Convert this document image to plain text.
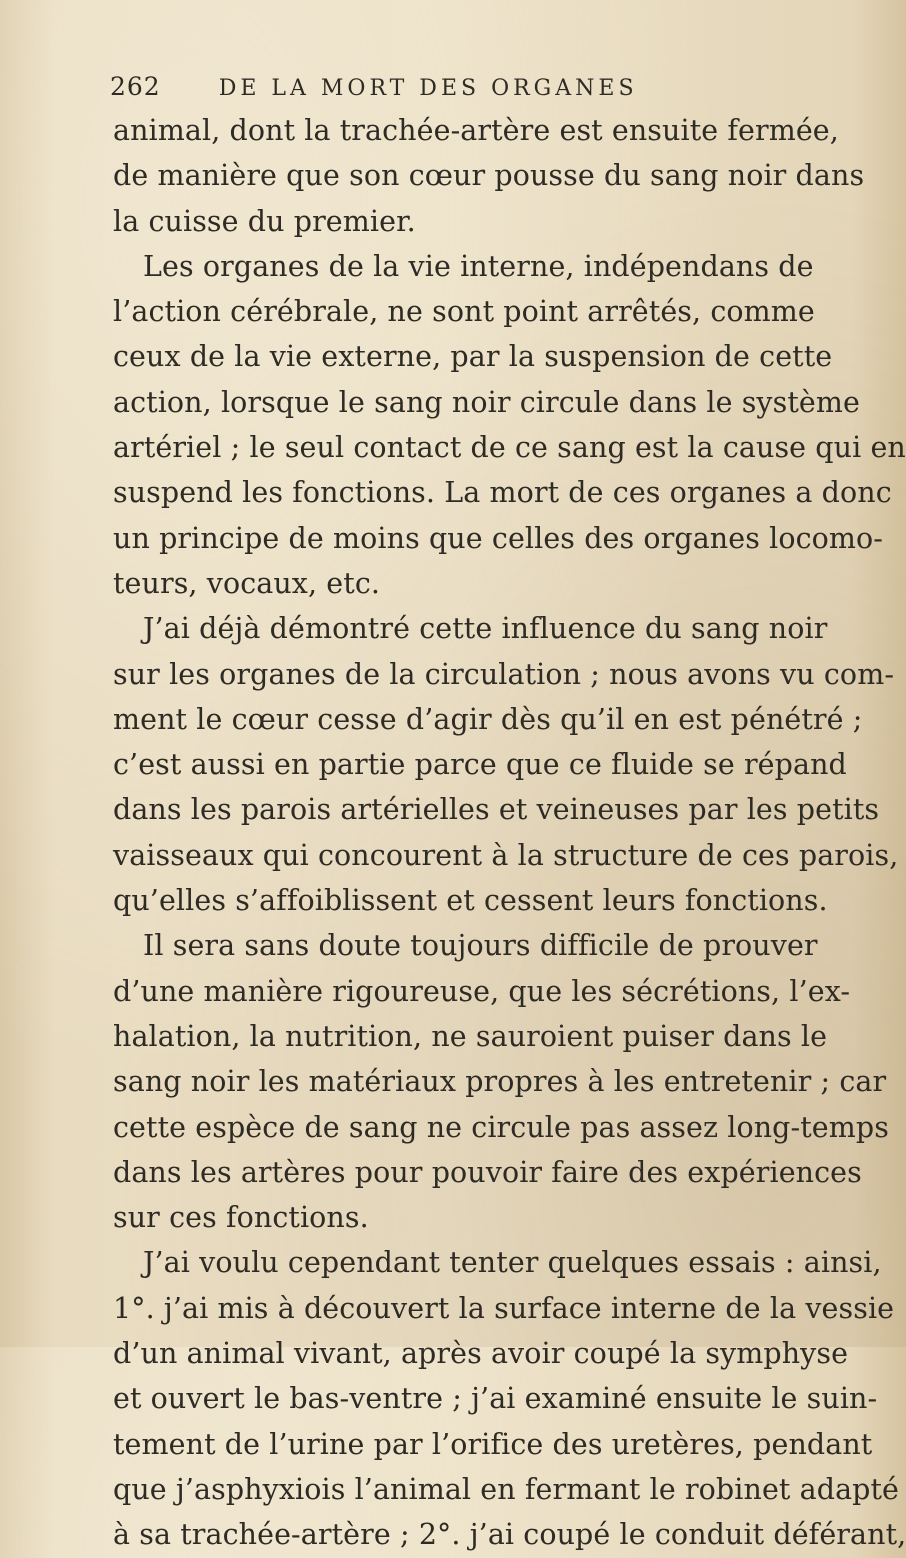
262	DE LA MORT DES ORGANES
animal, dont la trachée-artère est ensuite fermée,
de manière que son cœur pousse du sang noir dans
la cuisse du premier.
Les organes de la vie interne, indépendans de
l’action cérébrale, ne sont point arrêtés, comme
ceux de la vie externe, par la suspension de cette
action, lorsque le sang noir circule dans le système
artériel ; le seul contact de ce sang est la cause qui en
suspend les fonctions. La mort de ces organes a donc
un principe de moins que celles des organes locomo-
teurs, vocaux, etc.
J’ai déjà démontré cette influence du sang noir
sur les organes de la circulation ; nous avons vu com-
ment le cœur cesse d’agir dès qu’il en est pénétré ;
c’est aussi en partie parce que ce fluide se répand
dans les parois artérielles et veineuses par les petits
vaisseaux qui concourent à la structure de ces parois,
qu’elles s’affoiblissent et cessent leurs fonctions.
Il sera sans doute toujours difficile de prouver
d’une manière rigoureuse, que les sécrétions, l’ex-
halation, la nutrition, ne sauroient puiser dans le
sang noir les matériaux propres à les entretenir ; car
cette espèce de sang ne circule pas assez long-temps
dans les artères pour pouvoir faire des expériences
sur ces fonctions.
J’ai voulu cependant tenter quelques essais : ainsi,
1°. j’ai mis à découvert la surface interne de la vessie
d’un animal vivant, après avoir coupé la symphyse
et ouvert le bas-ventre ; j’ai examiné ensuite le suin-
tement de l’urine par l’orifice des uretères, pendant
que j’asphyxiois l’animal en fermant le robinet adapté
à sa trachée-artère ; 2°. j’ai coupé le conduit déférant,
